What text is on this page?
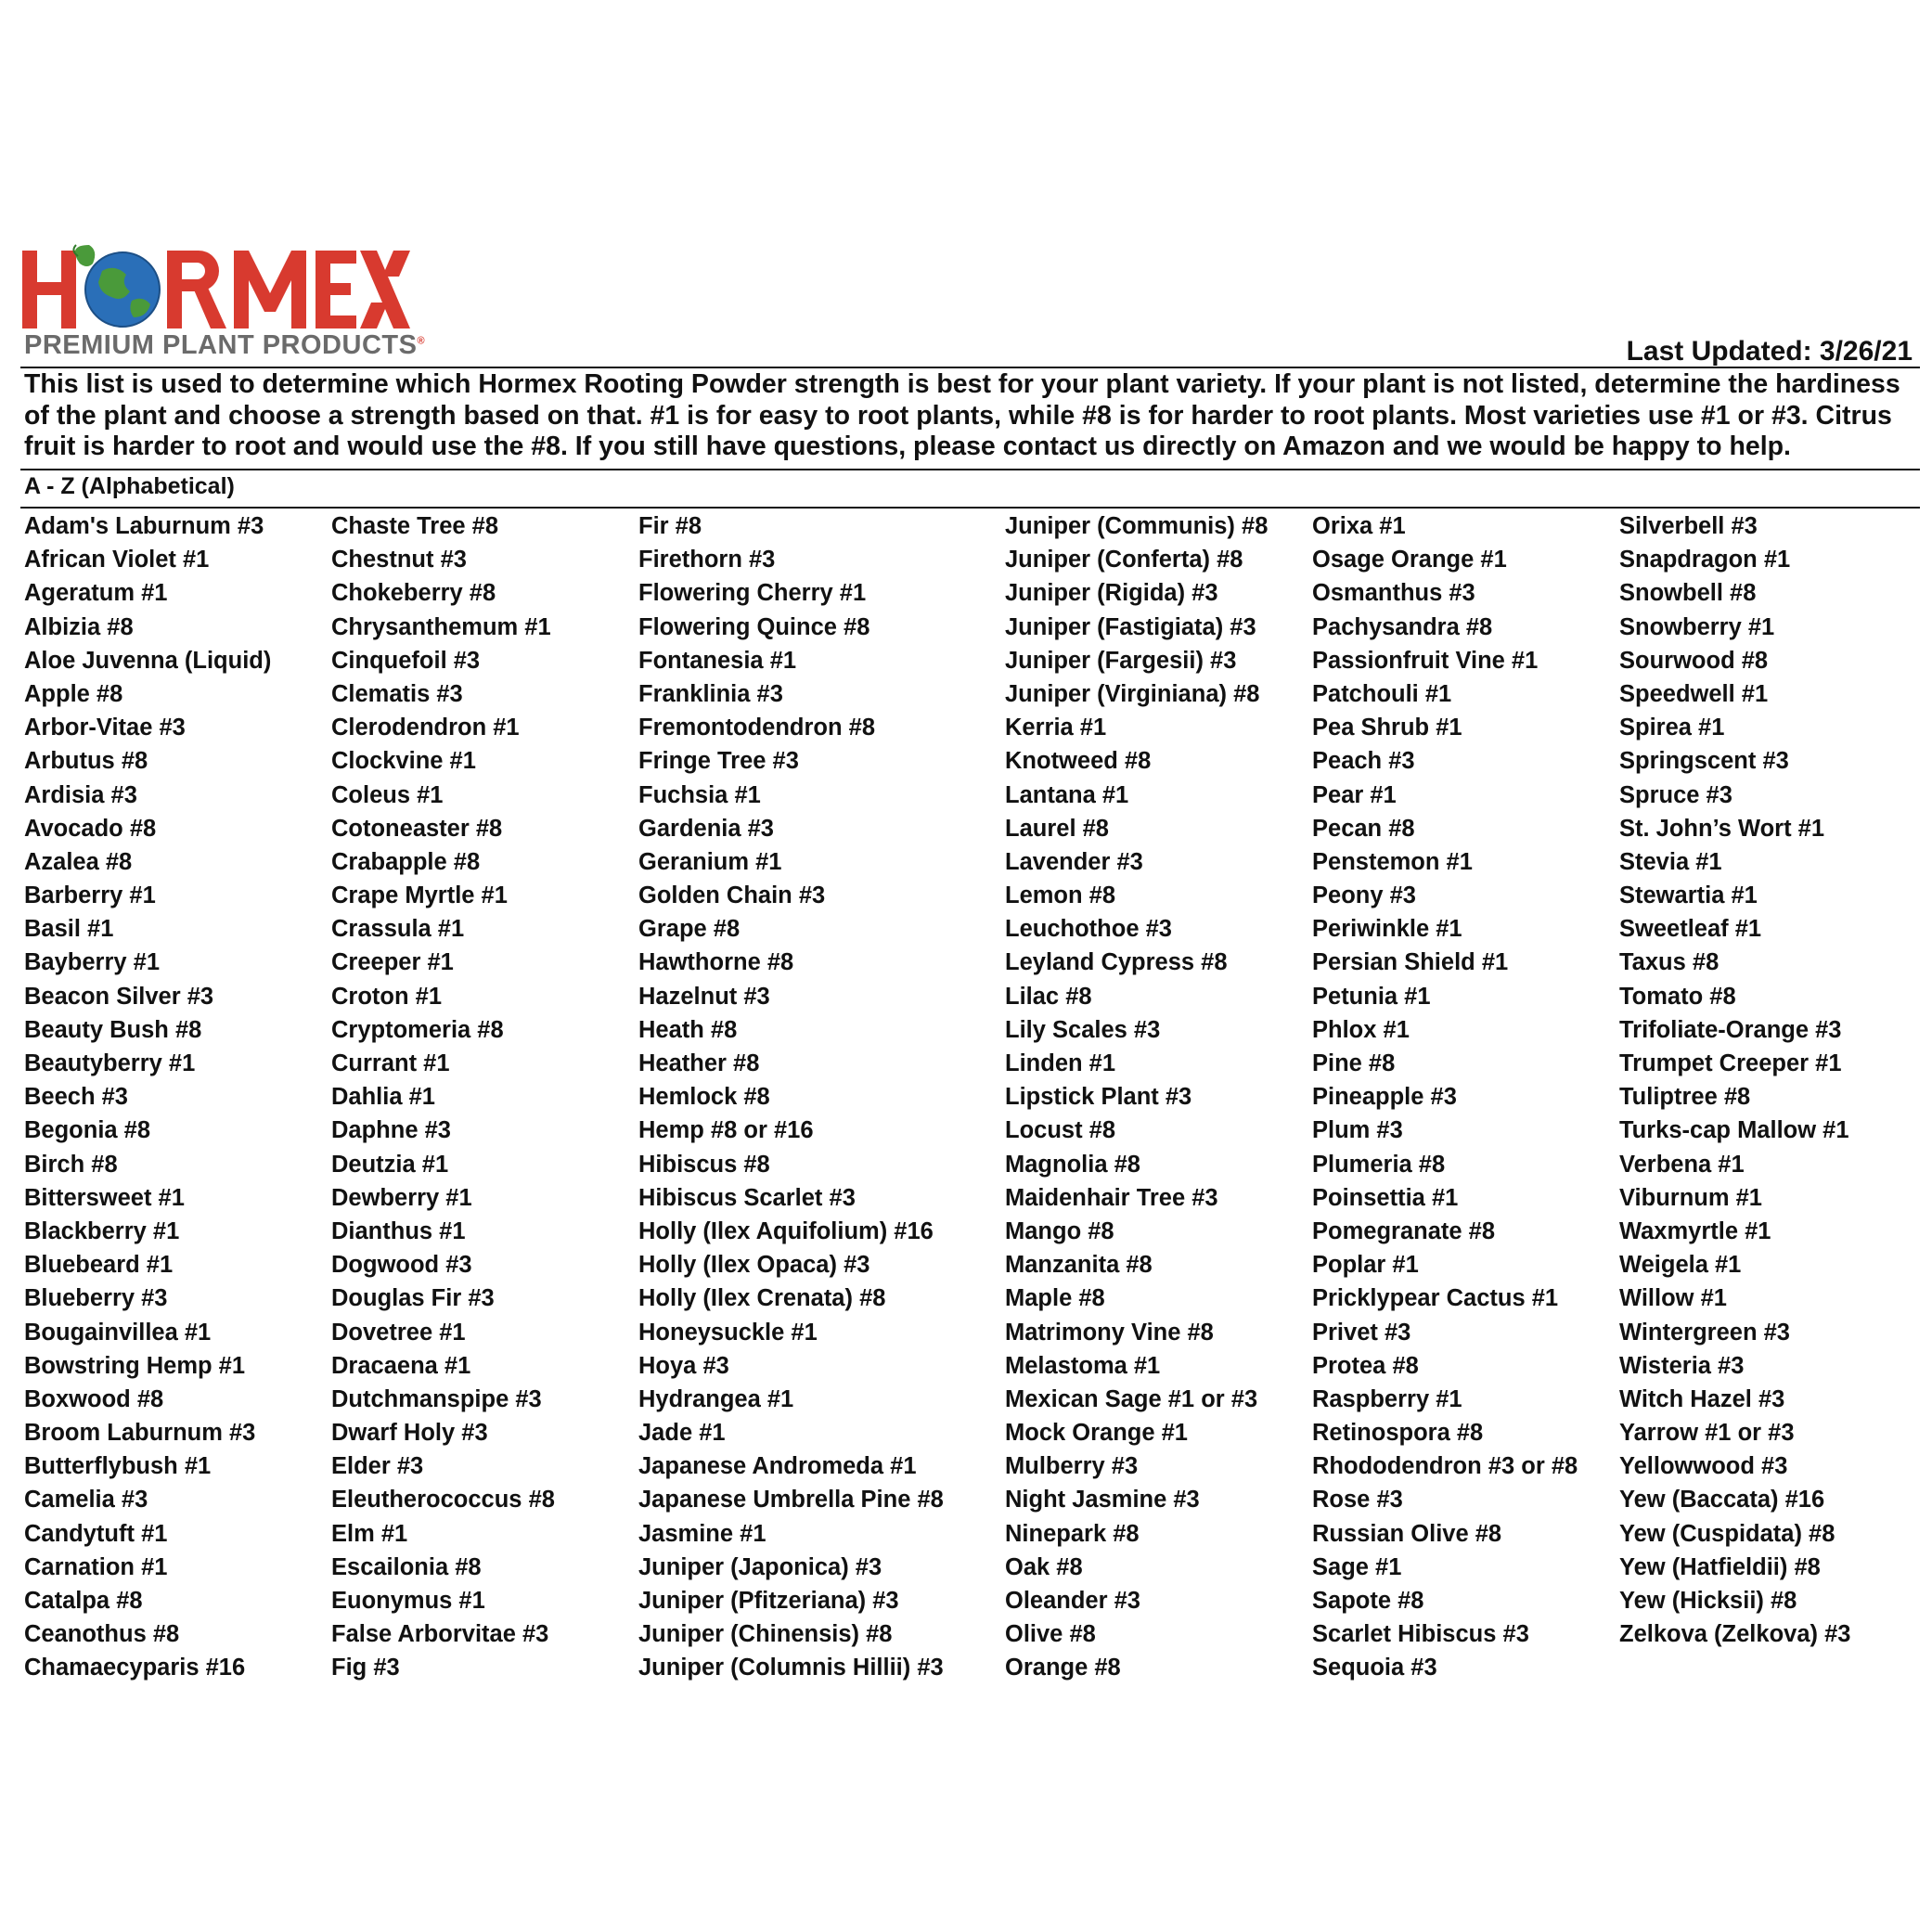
PREMIUM PLANT PRODUCTS®	Last Updated: 3/26/21
This list is used to determine which Hormex Rooting Powder strength is best for your plant variety. If your plant is not listed, determine the hardiness of the plant and choose a strength based on that. #1 is for easy to root plants, while #8 is for harder to root plants. Most varieties use #1 or #3. Citrus fruit is harder to root and would use the #8. If you still have questions, please contact us directly on Amazon and we would be happy to help.
A - Z (Alphabetical)
Adam's Laburnum #3
African Violet #1
Ageratum #1
Albizia #8
Aloe Juvenna (Liquid)
Apple #8
Arbor-Vitae #3
Arbutus #8
Ardisia #3
Avocado #8
Azalea #8
Barberry #1
Basil #1
Bayberry #1
Beacon Silver #3
Beauty Bush #8
Beautyberry #1
Beech #3
Begonia #8
Birch #8
Bittersweet #1
Blackberry #1
Bluebeard #1
Blueberry #3
Bougainvillea #1
Bowstring Hemp #1
Boxwood #8
Broom Laburnum #3
Butterflybush #1
Camelia #3
Candytuft #1
Carnation #1
Catalpa #8
Ceanothus #8
Chamaecyparis #16
Chaste Tree #8
Chestnut #3
Chokeberry #8
Chrysanthemum #1
Cinquefoil #3
Clematis #3
Clerodendron #1
Clockvine #1
Coleus #1
Cotoneaster #8
Crabapple #8
Crape Myrtle #1
Crassula #1
Creeper #1
Croton #1
Cryptomeria #8
Currant #1
Dahlia #1
Daphne #3
Deutzia #1
Dewberry #1
Dianthus #1
Dogwood #3
Douglas Fir #3
Dovetree #1
Dracaena #1
Dutchmanspipe #3
Dwarf Holy #3
Elder #3
Eleutherococcus #8
Elm #1
Escailonia #8
Euonymus #1
False Arborvitae #3
Fig #3
Fir #8
Firethorn #3
Flowering Cherry #1
Flowering Quince #8
Fontanesia #1
Franklinia #3
Fremontodendron #8
Fringe Tree #3
Fuchsia #1
Gardenia #3
Geranium #1
Golden Chain #3
Grape #8
Hawthorne #8
Hazelnut #3
Heath #8
Heather #8
Hemlock #8
Hemp #8 or #16
Hibiscus #8
Hibiscus Scarlet #3
Holly (Ilex Aquifolium) #16
Holly (Ilex Opaca) #3
Holly (Ilex Crenata) #8
Honeysuckle #1
Hoya #3
Hydrangea #1
Jade #1
Japanese Andromeda #1
Japanese Umbrella Pine #8
Jasmine #1
Juniper (Japonica) #3
Juniper (Pfitzeriana) #3
Juniper (Chinensis) #8
Juniper (Columnis Hillii) #3
Juniper (Communis) #8
Juniper (Conferta) #8
Juniper (Rigida) #3
Juniper (Fastigiata) #3
Juniper (Fargesii) #3
Juniper (Virginiana) #8
Kerria #1
Knotweed #8
Lantana #1
Laurel #8
Lavender #3
Lemon #8
Leuchothoe #3
Leyland Cypress #8
Lilac #8
Lily Scales #3
Linden #1
Lipstick Plant #3
Locust #8
Magnolia #8
Maidenhair Tree #3
Mango #8
Manzanita #8
Maple #8
Matrimony Vine #8
Melastoma #1
Mexican Sage #1 or #3
Mock Orange #1
Mulberry #3
Night Jasmine #3
Ninepark #8
Oak #8
Oleander #3
Olive #8
Orange #8
Orixa #1
Osage Orange #1
Osmanthus #3
Pachysandra #8
Passionfruit Vine #1
Patchouli #1
Pea Shrub #1
Peach #3
Pear #1
Pecan #8
Penstemon #1
Peony #3
Periwinkle #1
Persian Shield #1
Petunia #1
Phlox #1
Pine #8
Pineapple #3
Plum #3
Plumeria #8
Poinsettia #1
Pomegranate #8
Poplar #1
Pricklypear Cactus #1
Privet #3
Protea #8
Raspberry #1
Retinospora #8
Rhododendron #3 or #8
Rose #3
Russian Olive #8
Sage #1
Sapote #8
Scarlet Hibiscus #3
Sequoia #3
Silverbell #3
Snapdragon #1
Snowbell #8
Snowberry #1
Sourwood #8
Speedwell #1
Spirea #1
Springscent #3
Spruce #3
St. John’s Wort #1
Stevia #1
Stewartia #1
Sweetleaf #1
Taxus #8
Tomato #8
Trifoliate-Orange #3
Trumpet Creeper #1
Tuliptree #8
Turks-cap Mallow #1
Verbena #1
Viburnum #1
Waxmyrtle #1
Weigela #1
Willow #1
Wintergreen #3
Wisteria #3
Witch Hazel #3
Yarrow #1 or #3
Yellowwood #3
Yew (Baccata) #16
Yew (Cuspidata) #8
Yew (Hatfieldii) #8
Yew (Hicksii) #8
Zelkova (Zelkova) #3
